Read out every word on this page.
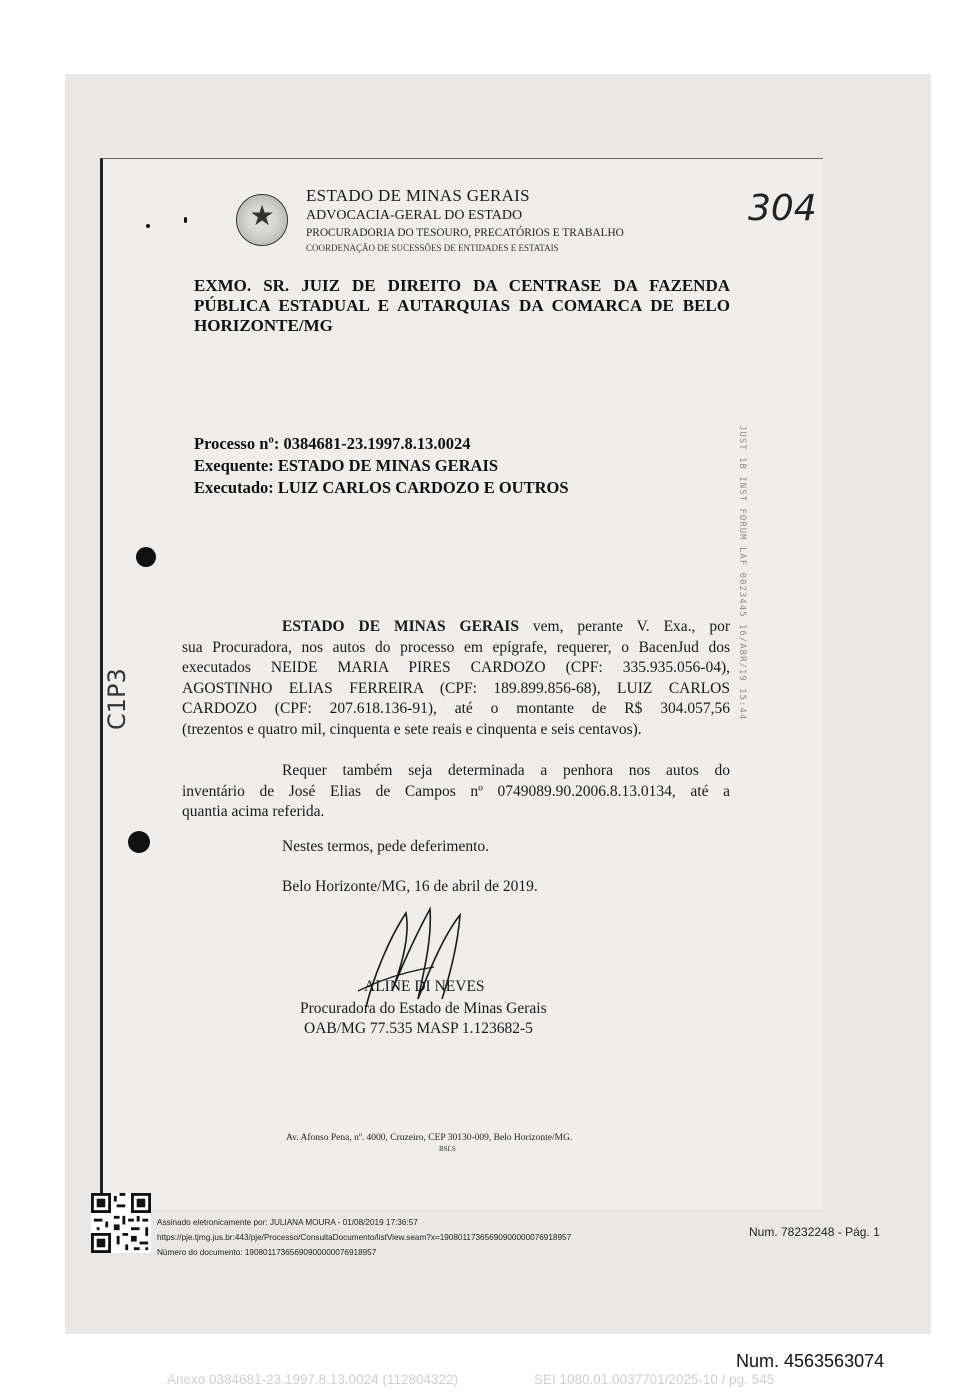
★
ESTADO DE MINAS GERAIS
ADVOCACIA-GERAL DO ESTADO
PROCURADORIA DO TESOURO, PRECATÓRIOS E TRABALHO
COORDENAÇÃO DE SUCESSÕES DE ENTIDADES E ESTATAIS
304
EXMO. SR. JUIZ DE DIREITO DA CENTRASE DA FAZENDA
PÚBLICA ESTADUAL E AUTARQUIAS DA COMARCA DE BELO
HORIZONTE/MG
Processo nº: 0384681-23.1997.8.13.0024
Exequente: ESTADO DE MINAS GERAIS
Executado: LUIZ CARLOS CARDOZO E OUTROS	JUST 1B INST FORUM LAF 0023445 16/ABR/19 15:44
C1P3
ESTADO DE MINAS GERAIS vem, perante V. Exa., por
sua Procuradora, nos autos do processo em epígrafe, requerer, o BacenJud dos
executados NEIDE MARIA PIRES CARDOZO (CPF: 335.935.056-04),
AGOSTINHO ELIAS FERREIRA (CPF: 189.899.856-68), LUIZ CARLOS
CARDOZO (CPF: 207.618.136-91), até o montante de R$ 304.057,56
(trezentos e quatro mil, cinquenta e sete reais e cinquenta e seis centavos).
Requer também seja determinada a penhora nos autos do
inventário de José Elias de Campos nº 0749089.90.2006.8.13.0134, até a
quantia acima referida.
Nestes termos, pede deferimento.
Belo Horizonte/MG, 16 de abril de 2019.
ALINE DI NEVES
Procuradora do Estado de Minas Gerais
OAB/MG 77.535 MASP 1.123682-5
Av. Afonso Pena, nº. 4000, Cruzeiro, CEP 30130-009, Belo Horizonte/MG.
BSLS
Assinado eletronicamente por: JULIANA MOURA - 01/08/2019 17:36:57
https://pje.tjmg.jus.br:443/pje/Processo/ConsultaDocumento/listView.seam?x=19080117365690900000076918957
Número do documento: 19080117365690900000076918957
Num. 78232248 - Pág. 1
Num. 4563563074
Anexo 0384681-23.1997.8.13.0024 (112804322)	SEI 1080.01.0037701/2025-10 / pg. 545
